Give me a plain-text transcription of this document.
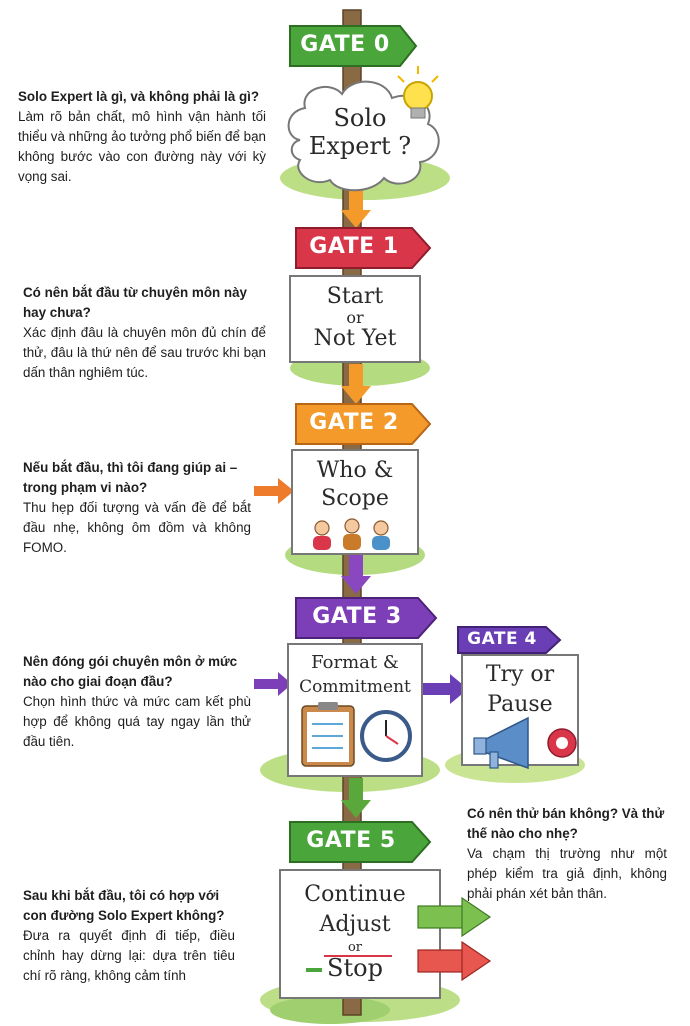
GATE 0
GATE 1
GATE 2
GATE 3
GATE 4
GATE 5
Solo
Expert ?
Start
or
Not Yet
Who &
Scope
Format &
Commitment	Try or
Pause
Continue
Adjust
or
Stop
Solo Expert là gì, và không phải là gì?
Làm rõ bản chất, mô hình vận hành tối thiểu và những ảo tưởng phổ biến để bạn không bước vào con đường này với kỳ vọng sai.
Có nên bắt đầu từ chuyên môn này hay chưa?
Xác định đâu là chuyên môn đủ chín để thử, đâu là thứ nên để sau trước khi bạn dấn thân nghiêm túc.
Nếu bắt đầu, thì tôi đang giúp ai – trong phạm vi nào?
Thu hẹp đối tượng và vấn đề để bắt đầu nhẹ, không ôm đồm và không FOMO.
Nên đóng gói chuyên môn ở mức nào cho giai đoạn đầu?
Chọn hình thức và mức cam kết phù hợp để không quá tay ngay lần thử đầu tiên.
Có nên thử bán không? Và thử thế nào cho nhẹ?
Va chạm thị trường như một phép kiểm tra giả định, không phải phán xét bản thân.
Sau khi bắt đầu, tôi có hợp với con đường Solo Expert không?
Đưa ra quyết định đi tiếp, điều chỉnh hay dừng lại: dựa trên tiêu chí rõ ràng, không cảm tính
